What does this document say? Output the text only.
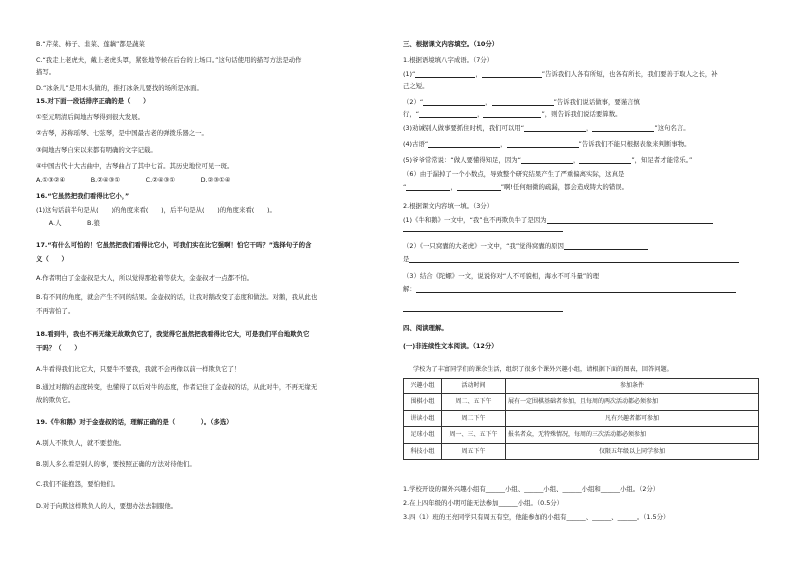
B.“芹菜、柿子、韭菜、莲藕”都是蔬菜
C.“我走上老虎夫，戴上老虎头罩，紧张地等候在后台的上场口。”这句话使用的描写方法是动作
描写。
D.“冰条儿”是用木头做的，推打冰条儿要找的场所是冰面。
15.对下面一段话排序正确的是（　　）
①至元明清后阆地古琴得到很大发展。
②古琴，苏称瑶琴、七弦琴，是中国最古老的弹拨乐器之一。
③阆地古琴自宋以来都有明确的文字记载。
④中国古代十大古曲中，古琴曲占了其中七首。其历史地位可见一斑。
A.①③②④　　　　B.②④③①　　　　C.②④③①　　　　D.②③①④
16.“它虽然把我们看得比它小，”
(1)这句话前半句是从(　　)的角度来看(　　)，后半句是从(　　)的角度来看(　　)。
　　A.人　　　　B.狼
17.“有什么可怕的！它虽然把我们看得比它小，可我们实在比它强啊！怕它干吗？”选择句子的含
义（　　）
A.作者明白了金壶叔是大人，所以觉得那抢着等获大，金壶叔才一点都不怕。
B.有不同的角度，就会产生不同的结果。金壶叔的话，让我对鹅改变了态度和做法。对鹅，我从此也
不再害怕了。
18.看到牛，我也不再无缘无故欺负它了，我觉得它虽然把我看得比它大，可是我们平台地欺负它
干吗？（　　）
A.牛看得我们比它大，只要牛不要我，我就不会再像以前一样欺负它了！
B.通过对鹅的态度转变，也懂得了以后对牛的态度，作者记住了金壶叔的话，从此对牛，不再无缘无
故的欺负它。
19.《牛和鹅》对于金壶叔的话，理解正确的是（　　　　）。（多选）
A.别人不欺负人，就不要惹他。
B.别人多么看是别人的事，要按照正确的方法对待他们。
C.我们不能抱怨，要怕他们。
D.对于向欺这样欺负人的人，要想办法去制服他。
三、根据课文内容填空。（10分）
1.根据语境填八字成语。（7分）
(1)“	，	”告诉我们人各有所短，也各有所长，我们要善于取人之长，补
己之短。
（2）“	，	”告诉我们说话做事，要谨言慎
行，“	，	”，则告诉我们说话要算数。
(3)劝诫别人做事要抓住时机，我们可以用“	，	”这句名言。
(4)古语“	，	”告诉我们不能只根据表象来判断事物。
(5)爷爷常常说：“做人要懂得知足，因为“	，	”，知足者才能常乐。”
（6）由于漏掉了一个小数点，导致整个研究结果产生了严重偏离实际，这真是
“	，	”啊!任何细微的疏漏，都会造成铸大的错误。
2.根据课文内容填一填。（3分）
(1)《牛和鹅》一文中，“我”也不再欺负牛了是因为
（2）《一只窝囊的大老虎》一文中，“我”觉得窝囊的原因
是
（3）结合《陀螺》一文，说说你对“人不可貌相，海水不可斗量”的理
解：
四、阅读理解。
(一)非连续性文本阅读。（12分）
学校为了丰富同学们的课余生活，组织了很多个课外兴趣小组，请根据下面的图表，回答问题。
兴趣小组	活动时间	参加条件
围棋小组	周二、五下午	展有一定围棋基础者参加，且每周的两次活动都必须参加
讲读小组	周二下午	凡有兴趣者都可参加
足球小组	周一、三、五下午	报名者众，无特殊情况，每周的三次活动都必须参加
科技小组	周五下午	仅限五年级以上同学参加
1.学校开设的课外兴趣小组有______小组、______小组、______小组和______小组。（2分）
2.在上四年级的小明可能无法参加______小组。（0.5分）
3.四（1）班的王亮同学只有周五有空，他能参加的小组有______、______、______。（1.5分）
